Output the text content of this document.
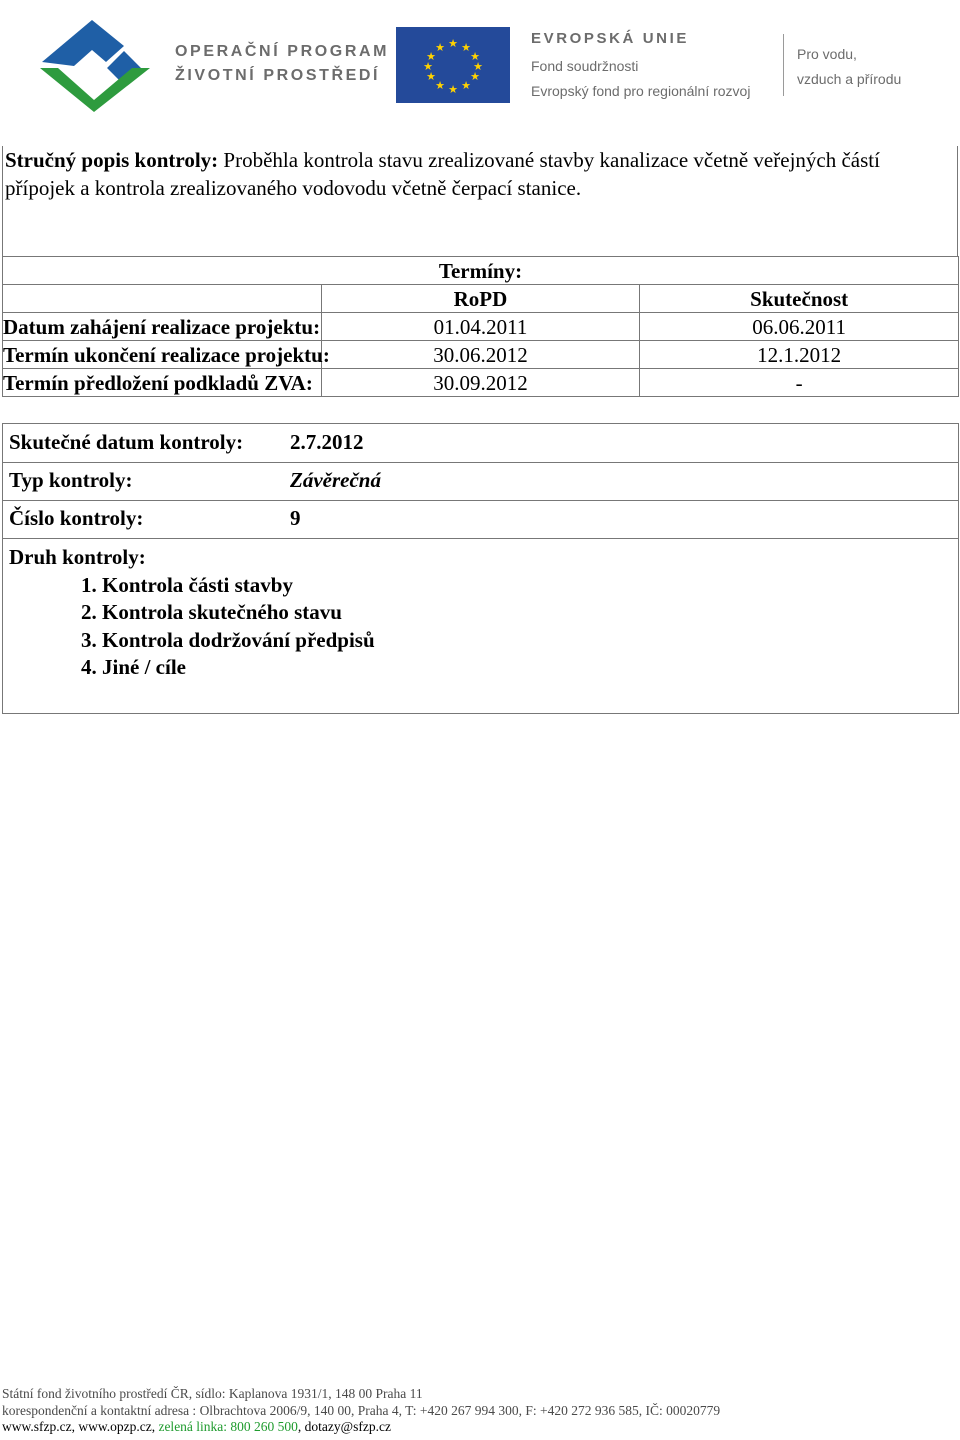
OPERAČNÍ PROGRAM
ŽIVOTNÍ PROSTŘEDÍ
★ ★
★
★
★
★
★
★
★
★
★
★
EVROPSKÁ UNIE
Fond soudržnosti
Evropský fond pro regionální rozvoj
Pro vodu,
vzduch a přírodu
Stručný popis kontroly: Proběhla kontrola stavu zrealizované stavby kanalizace včetně veřejných částí přípojek a kontrola zrealizovaného vodovodu včetně čerpací stanice.
Termíny:		
	RoPD	Skutečnost
Datum zahájení realizace projektu:	01.04.2011	06.06.2011
Termín ukončení realizace projektu:	30.06.2012	12.1.2012
Termín předložení podkladů ZVA:	30.09.2012	-
Skutečné datum kontroly: 2.7.2012
Typ kontroly:	Závěrečná
Číslo kontroly:	9
Druh kontroly:
1. Kontrola části stavby
2. Kontrola skutečného stavu
3. Kontrola dodržování předpisů
4. Jiné / cíle
Státní fond životního prostředí ČR, sídlo: Kaplanova 1931/1, 148 00 Praha 11
korespondenční a kontaktní adresa : Olbrachtova 2006/9, 140 00, Praha 4, T: +420 267 994 300, F: +420 272 936 585, IČ: 00020779
www.sfzp.cz, www.opzp.cz, zelená linka: 800 260 500, dotazy@sfzp.cz
